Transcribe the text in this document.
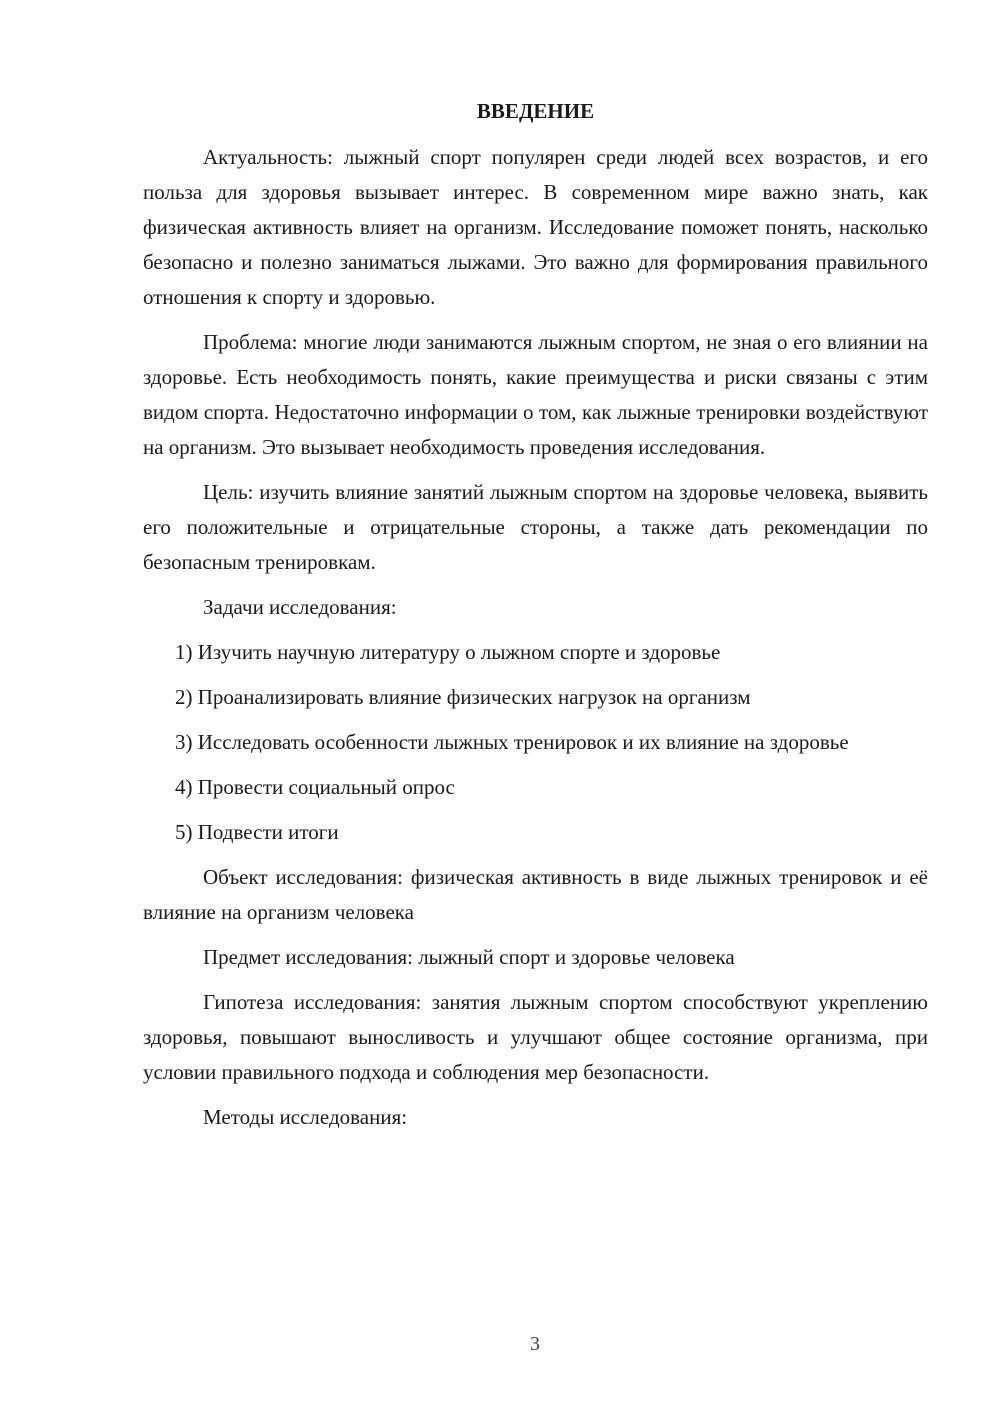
ВВЕДЕНИЕ

Актуальность: лыжный спорт популярен среди людей всех возрастов, и его польза для здоровья вызывает интерес. В современном мире важно знать, как физическая активность влияет на организм. Исследование поможет понять, насколько безопасно и полезно заниматься лыжами. Это важно для формирования правильного отношения к спорту и здоровью.

Проблема: многие люди занимаются лыжным спортом, не зная о его влиянии на здоровье. Есть необходимость понять, какие преимущества и риски связаны с этим видом спорта. Недостаточно информации о том, как лыжные тренировки воздействуют на организм. Это вызывает необходимость проведения исследования.

Цель: изучить влияние занятий лыжным спортом на здоровье человека, выявить его положительные и отрицательные стороны, а также дать рекомендации по безопасным тренировкам.

Задачи исследования:

1) Изучить научную литературу о лыжном спорте и здоровье

2) Проанализировать влияние физических нагрузок на организм

3) Исследовать особенности лыжных тренировок и их влияние на здоровье

4) Провести социальный опрос

5) Подвести итоги

Объект исследования: физическая активность в виде лыжных тренировок и её влияние на организм человека

Предмет исследования: лыжный спорт и здоровье человека

Гипотеза исследования: занятия лыжным спортом способствуют укреплению здоровья, повышают выносливость и улучшают общее состояние организма, при условии правильного подхода и соблюдения мер безопасности.

Методы исследования:

3
